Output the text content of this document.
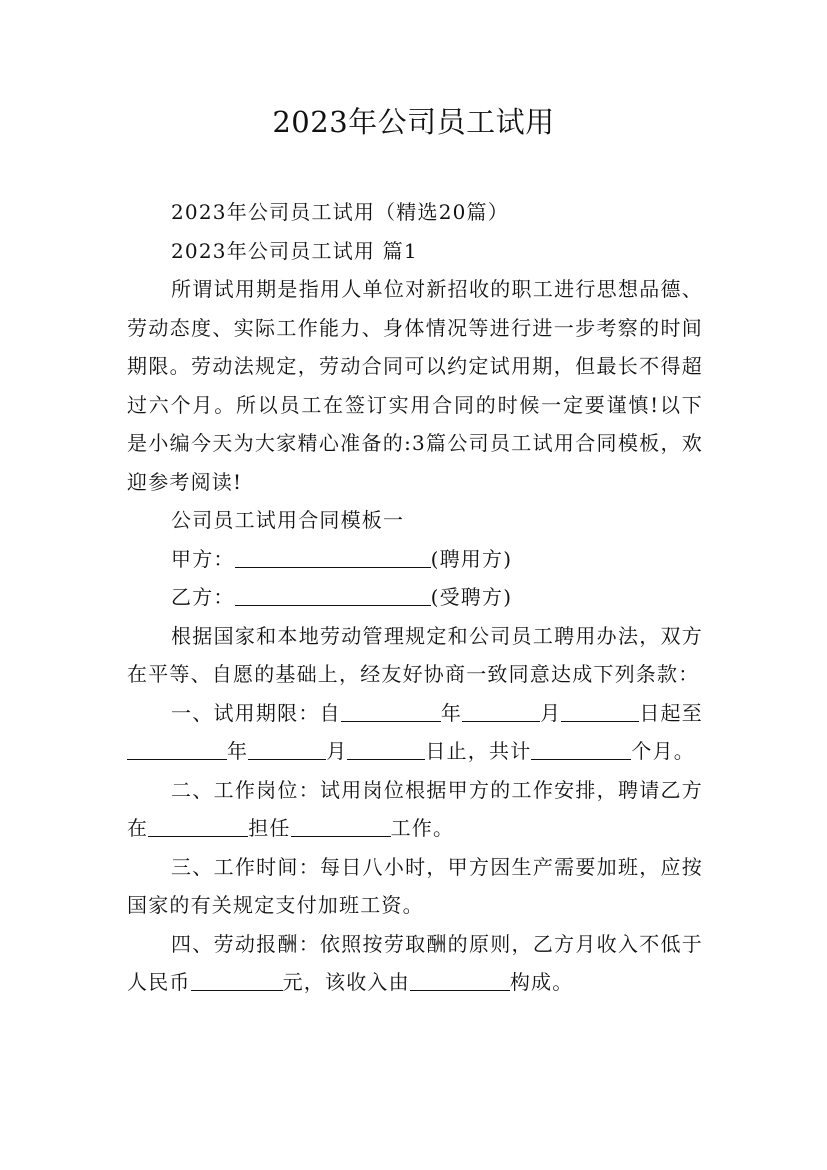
2023年公司员工试用

2023年公司员工试用（精选20篇）

2023年公司员工试用 篇1

所谓试用期是指用人单位对新招收的职工进行思想品德、劳动态度、实际工作能力、身体情况等进行进一步考察的时间期限。劳动法规定，劳动合同可以约定试用期，但最长不得超过六个月。所以员工在签订实用合同的时候一定要谨慎!以下是小编今天为大家精心准备的:3篇公司员工试用合同模板，欢迎参考阅读!

公司员工试用合同模板一

甲方：	(聘用方)

乙方：	(受聘方)

根据国家和本地劳动管理规定和公司员工聘用办法，双方在平等、自愿的基础上，经友好协商一致同意达成下列条款：

一、试用期限：自	年	月	日起至年	月	日止，共计	个月。

二、工作岗位：试用岗位根据甲方的工作安排，聘请乙方在	担任	工作。

三、工作时间：每日八小时，甲方因生产需要加班，应按国家的有关规定支付加班工资。

四、劳动报酬：依照按劳取酬的原则，乙方月收入不低于人民币	元，该收入由	构成。
